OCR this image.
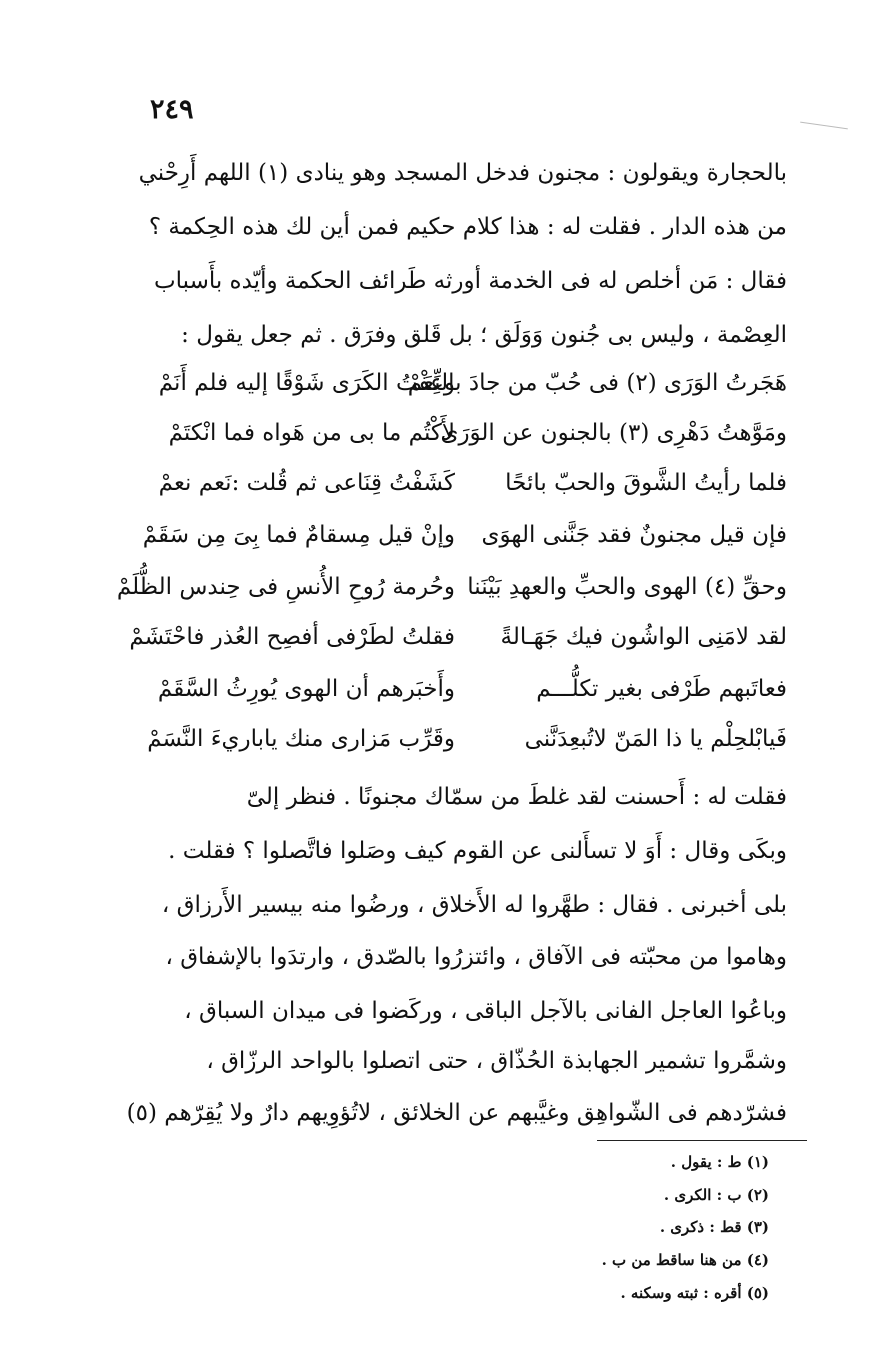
٢٤٩
بالحجارة ويقولون : مجنون فدخل المسجد وهو ينادى (١) اللهم أَرِحْني
من هذه الدار . فقلت له : هذا كلام حكيم فمن أين لك هذه الحِكمة ؟
فقال : مَن أخلص له فى الخدمة أورثه طَرائف الحكمة وأيّده بأَسباب
العِصْمة ، وليس بى جُنون وَوَلَق ؛ بل قَلق وفرَق . ثم جعل يقول :
هَجَرتُ الوَرَى (٢) فى حُبّ من جادَ بالنِّعَمْ
وعِفْتُ الكَرَى شَوْقًا إليه فلم أَنَمْ
ومَوَّهتُ دَهْرِى (٣) بالجنون عن الوَرَى
لأَكْتُم ما بى من هَواه فما انْكتَمْ
فلما رأيتُ الشَّوقَ والحبّ بائحًا
كَشَفْتُ قِنَاعى ثم قُلت :نَعم نعمْ
فإن قيل مجنونٌ فقد جَنَّنى الهوَى
وإنْ قيل مِسقامٌ فما بِىَ مِن سَقَمْ
وحقِّ (٤) الهوى والحبِّ والعهدِ بَيْنَنا
وحُرمة رُوحِ الأُنسِ فى حِندس الظُّلَمْ
لقد لامَنِى الواشُون فيك جَهَـالةً
فقلتُ لطَرْفى أفصِح العُذر فاحْتَشَمْ
فعاتَبهم طَرْفى بغير تكلُّـــم
وأَخبَرهم أن الهوى يُورِثُ السَّقَمْ
فَيابْلحِلْم يا ذا المَنّ لاتُبعِدَنَّنى
وقَرِّب مَزارى منك ياباريءَ النَّسَمْ
فقلت له : أَحسنت لقد غلطَ من سمّاك مجنونًا . فنظر إلىّ
وبكَى وقال : أَوَ لا تسأَلنى عن القوم كيف وصَلوا فاتَّصلوا ؟ فقلت .
بلى أخبرنى . فقال : طهَّروا له الأَخلاق ، ورضُوا منه بيسير الأَرزاق ،
وهاموا من محبّته فى الآفاق ، وائتزرُوا بالصّدق ، وارتدَوا بالإشفاق ،
وباعُوا العاجل الفانى بالآجل الباقى ، وركَضوا فى ميدان السباق ،
وشمَّروا تشمير الجهابذة الحُذّاق ، حتى اتصلوا بالواحد الرزّاق ،
فشرّدهم فى الشّواهِق وغيَّبهم عن الخلائق ، لاتُؤوِيهم دارٌ ولا يُقِرّهم (٥)
(١) ط : يقول .
(٢) ب : الكرى .
(٣) قط : ذكرى .
(٤) من هنا ساقط من ب .
(٥) أقره : ثبته وسكنه .
